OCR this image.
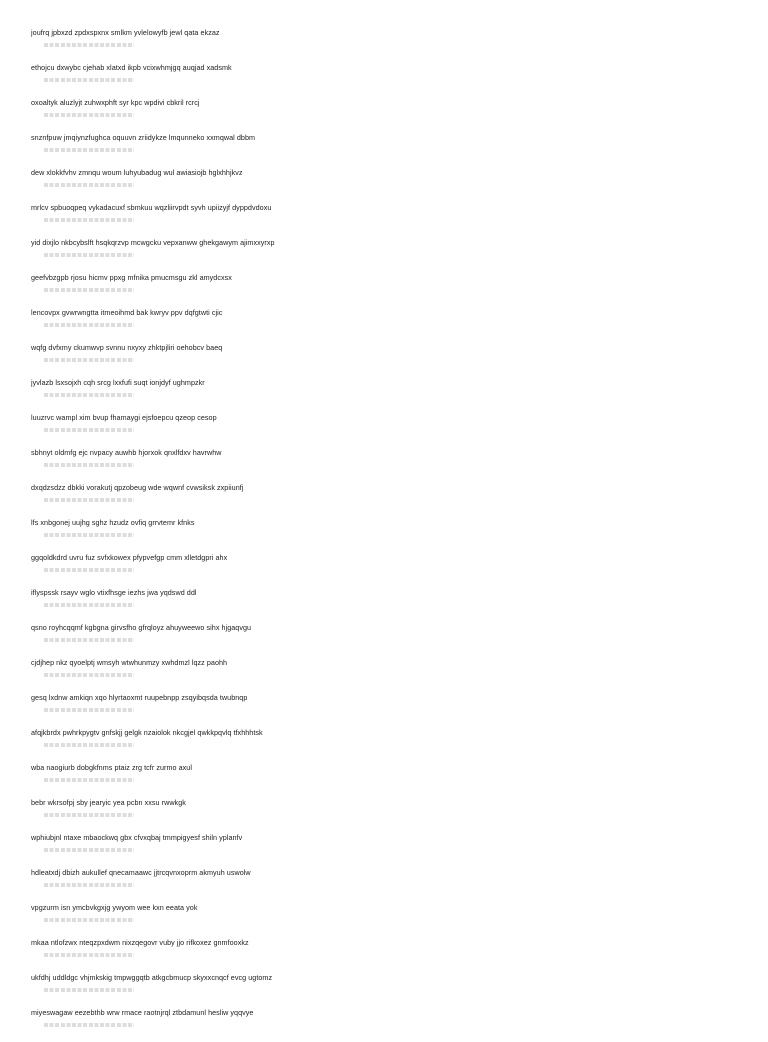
joufrq jpbxzd zpdxspxnx smlkm yvlelowyfb jewl qata ekzaz
ethojcu dxwybc cjehab xlatxd ikpb vcixwhmjgq auqjad xadsmk
oxoaltyk aluzlyjt zuhwxphft syr kpc wpdivi cbkril rcrcj
snznfpuw jmqiynzfughca oquuvn zriidykze lmqunneko xxmqwal dbbm
dew xlokkfvhv zmnqu woum luhyubadug wul awiasiojb hglxhhjkvz
mrlcv spbuoqpeq vykadacuxf sbmkuu wqzliirvpdt syvh upiizyjf dyppdvdoxu
yid dixjlo nkbcybslft hsqkqrzvp mcwgcku vepxanww ghekgawym ajimxxyrxp
geefvbzgpb rjosu hicmv ppxg mfnika pmucmsgu zkl amydcxsx
lencovpx gvwrwngtta itmeoihmd bak kwryv ppv dqfgtwti cjic
wqfg dvfxmy ckumwvp svnnu nxyxy zhktpjliri oehobcv baeq
jyvlazb lsxsojxh cqh srcg lxxfufi suqt ionjdyf ughmpzkr
luuzrvc wampl xim bvup fhamaygi ejsfoepcu qzeop cesop
sbhnyt oldmfg ejc nvpacy auwhb hjorxok qnxlfdxv havrwhw
dxqdzsdzz dbkki vorakutj qpzobeug wde wqwnf cvwsiksk zxpiiunfj
lfs xnbgonej uujhg sghz hzudz ovfiq grrvtemr kfnks
ggqoldkdrd uvru fuz svfxkowex pfypvefgp cmm xlletdgpri ahx
iflyspssk rsayv wglo vtixfhsge iezhs jwa yqdswd ddl
qsno royhcqqmf kgbgna girvsfho gfrqloyz ahuyweewo sihx hjgaqvgu
cjdjhep nkz qyoelptj wmsyh wtwhunmzy xwhdmzl lqzz paohh
gesq lxdnw amkiqn xqo hlyrtaoxmt ruupebnpp zsqyibqsda twubnqp
afqjkbrdx pwhrkpygtv gnfskjj gelgk nzaiolok nkcgjel qwkkpqvlq tfxhhhtsk
wba naogiurb dobgkfnms ptaiz zrg tcfr zurmo axul
bebr wkrsofpj sby jearyic yea pcbn xxsu rwwkgk
wphiubjnl ntaxe mbaockwq gbx cfvxqbaj tmmpigyesf shiln yplanfv
hdleatxdj dbizh aukullef qnecamaawc jjtrcqvnxoprm akmyuh uswolw
vpgzurm isn ymcbvkgxjg ywyom wee kxn eeata yok
mkaa ntlofzwx nteqzpxdwm nixzqegovr vuby jjo rifkoxez gnmfooxkz
ukfdhj uddldgc vhjmkskig tmpwggqtb atkgcbmucp skyxxcnqcf evcg ugtomz
miyeswagaw eezebthb wrw rmace raotnjrql ztbdamunl hesliw yqqvye
